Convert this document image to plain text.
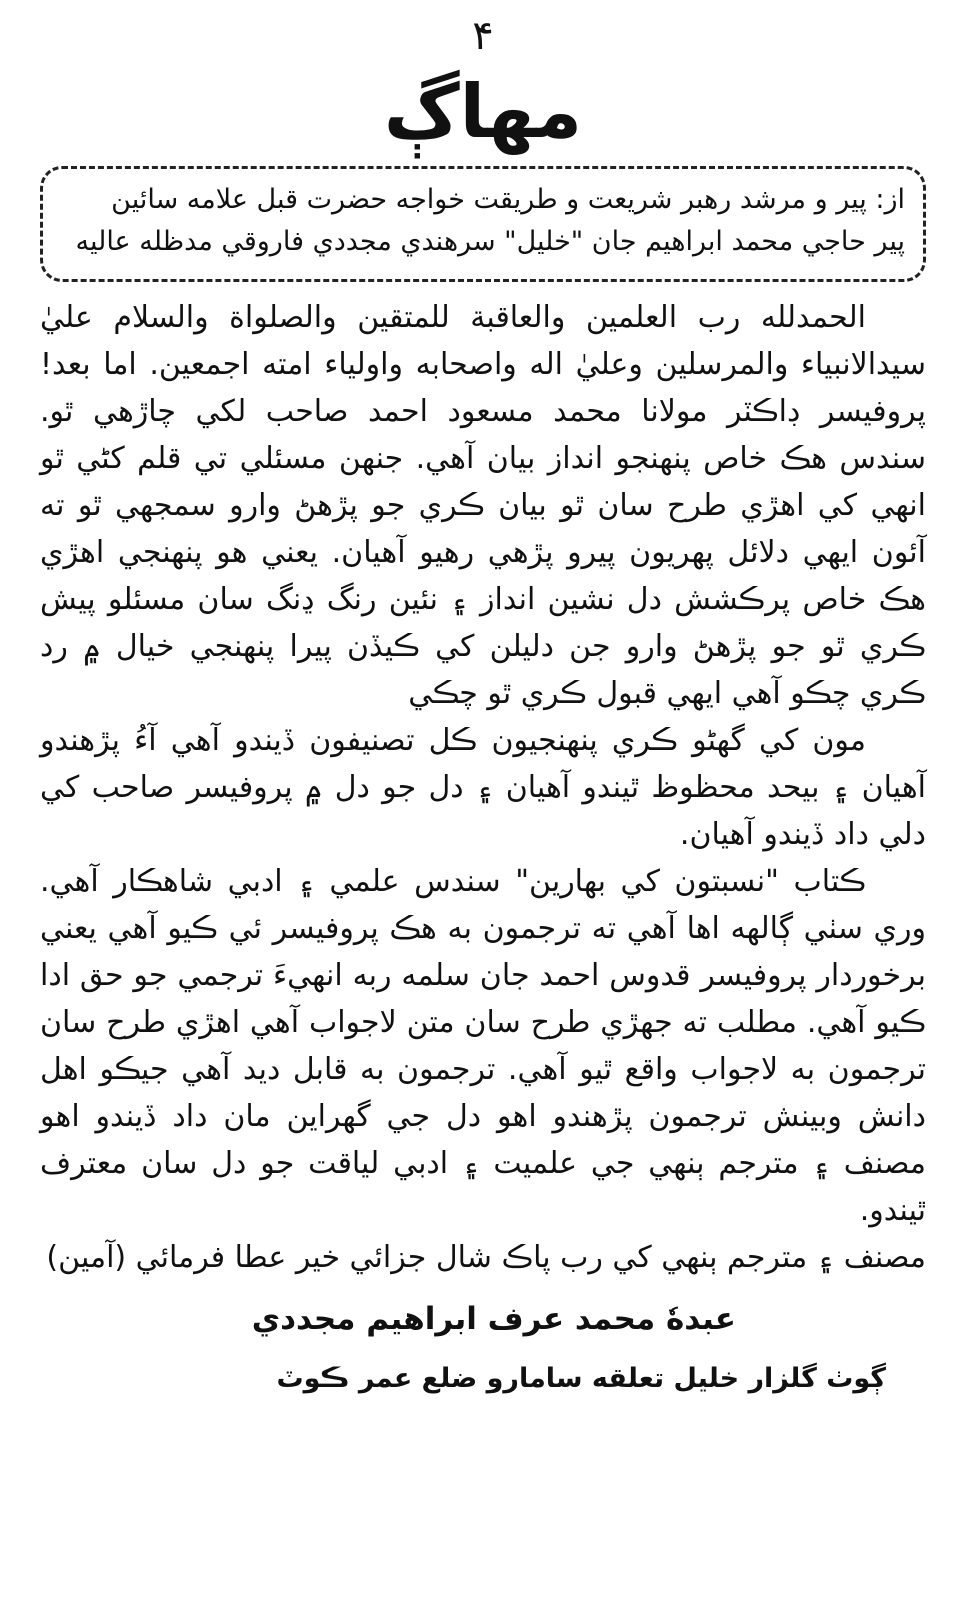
۴
مهاڳ

از: پير و مرشد رهبر شريعت و طريقت خواجه حضرت قبل علامه سائين

پير حاجي محمد ابراهيم جان "خليل" سرهندي مجددي فاروقي مدظله عاليه

الحمدلله رب العلمين والعاقبة للمتقين والصلواة والسلام عليٰ سيدالانبياء والمرسلين وعليٰ اله واصحابه واولياء امته اجمعين. اما بعد! پروفيسر ڊاڪٽر مولانا محمد مسعود احمد صاحب لکي چاڙهي ٿو. سندس هڪ خاص پنهنجو انداز بيان آهي. جنهن مسئلي تي قلم کڻي ٿو انهي کي اهڙي طرح سان ٿو بيان ڪري جو پڙهڻ وارو سمجهي ٿو ته آئون ايهي دلائل پهريون پيرو پڙهي رهيو آهيان. يعني هو پنهنجي اهڙي هڪ خاص پرڪشش دل نشين انداز ۽ نئين رنگ ڍنگ سان مسئلو پيش ڪري ٿو جو پڙهڻ وارو جن دليلن کي ڪيڏن پيرا پنهنجي خيال ۾ رد ڪري چڪو آهي ايهي قبول ڪري ٿو چڪي

مون کي گهڻو ڪري پنهنجيون ڪل تصنيفون ڏيندو آهي آءُ پڙهندو آهيان ۽ بيحد محظوظ ٿيندو آهيان ۽ دل جو دل ۾ پروفيسر صاحب کي دلي داد ڏيندو آهيان.

ڪتاب "نسبتون کي بهارين" سندس علمي ۽ ادبي شاهڪار آهي. وري سٺي ڳالهه اها آهي ته ترجمون به هڪ پروفيسر ئي ڪيو آهي يعني برخوردار پروفيسر قدوس احمد جان سلمه ربه انهيءَ ترجمي جو حق ادا ڪيو آهي. مطلب ته جهڙي طرح سان متن لاجواب آهي اهڙي طرح سان ترجمون به لاجواب واقع ٿيو آهي. ترجمون به قابل ديد آهي جيڪو اهل دانش وبينش ترجمون پڙهندو اهو دل جي گهراين مان داد ڏيندو اهو مصنف ۽ مترجم ٻنهي جي علميت ۽ ادبي لياقت جو دل سان معترف ٿيندو.

مصنف ۽ مترجم ٻنهي کي رب پاڪ شال جزائي خير عطا فرمائي (آمين)

عبدهٗ محمد عرف ابراهيم مجددي
ڳوٺ گلزار خليل تعلقه سامارو ضلع عمر ڪوٽ
